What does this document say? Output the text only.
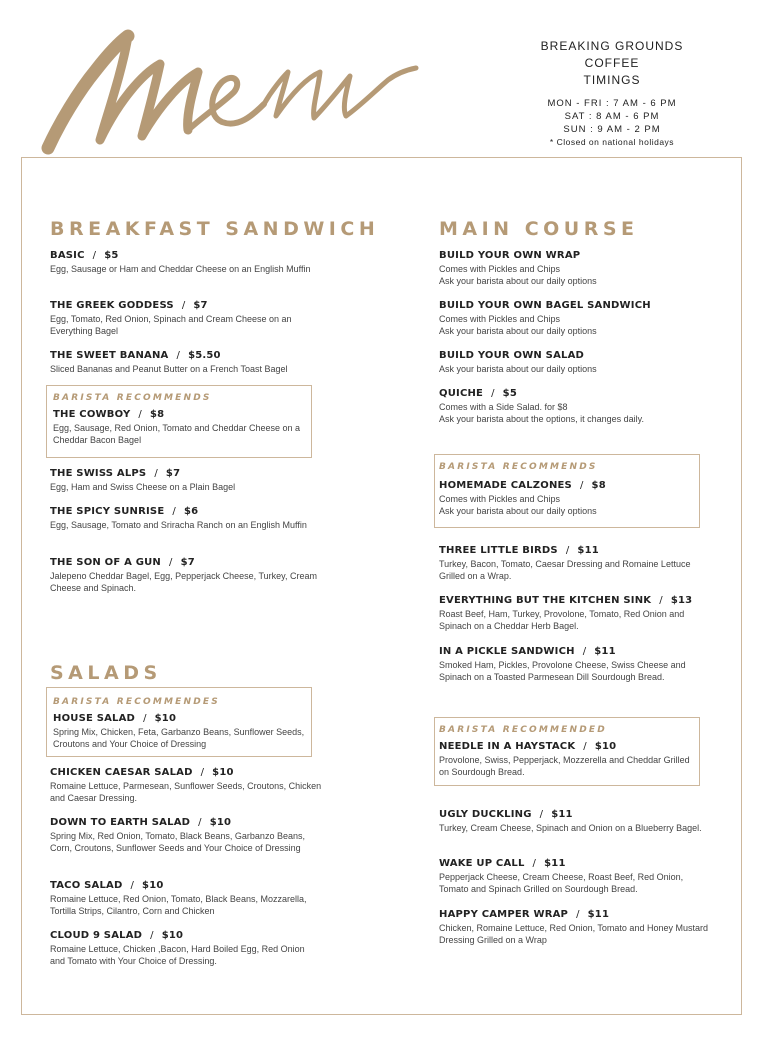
BREAKING GROUNDS COFFEE
TIMINGS
MON - FRI : 7 AM - 6 PM
SAT : 8 AM - 6 PM
SUN : 9 AM - 2 PM
* Closed on national holidays
BREAKFAST SANDWICH
BASIC / $5
Egg, Sausage or Ham and Cheddar Cheese on an English Muffin
THE GREEK GODDESS / $7
Egg, Tomato, Red Onion, Spinach and Cream Cheese on an Everything Bagel
THE SWEET BANANA / $5.50
Sliced Bananas and Peanut Butter on a French Toast Bagel
BARISTA RECOMMENDS
THE COWBOY / $8
Egg, Sausage, Red Onion, Tomato and Cheddar Cheese on a Cheddar Bacon Bagel
THE SWISS ALPS / $7
Egg, Ham and Swiss Cheese on a Plain Bagel
THE SPICY SUNRISE / $6
Egg, Sausage, Tomato and Sriracha Ranch on an English Muffin
THE SON OF A GUN / $7
Jalepeno Cheddar Bagel, Egg, Pepperjack Cheese, Turkey, Cream Cheese and Spinach.
SALADS
BARISTA RECOMMENDES
HOUSE SALAD / $10
Spring Mix, Chicken, Feta, Garbanzo Beans, Sunflower Seeds, Croutons and Your Choice of Dressing
CHICKEN CAESAR SALAD / $10
Romaine Lettuce, Parmesean, Sunflower Seeds, Croutons, Chicken and Caesar Dressing.
DOWN TO EARTH SALAD / $10
Spring Mix, Red Onion, Tomato, Black Beans, Garbanzo Beans, Corn, Croutons, Sunflower Seeds and Your Choice of Dressing
TACO SALAD / $10
Romaine Lettuce, Red Onion, Tomato, Black Beans, Mozzarella, Tortilla Strips, Cilantro, Corn and Chicken
CLOUD 9 SALAD / $10
Romaine Lettuce, Chicken ,Bacon, Hard Boiled Egg, Red Onion and Tomato with Your Choice of Dressing.
MAIN COURSE
BUILD YOUR OWN WRAP
Comes with Pickles and Chips
Ask your barista about our daily options
BUILD YOUR OWN BAGEL SANDWICH
Comes with Pickles and Chips
Ask your barista about our daily options
BUILD YOUR OWN SALAD
Ask your barista about our daily options
QUICHE / $5
Comes with a Side Salad. for $8
Ask your barista about the options, it changes daily.
BARISTA RECOMMENDS
HOMEMADE CALZONES / $8
Comes with Pickles and Chips
Ask your barista about our daily options
THREE LITTLE BIRDS / $11
Turkey, Bacon, Tomato, Caesar Dressing and Romaine Lettuce Grilled on a Wrap.
EVERYTHING BUT THE KITCHEN SINK / $13
Roast Beef, Ham, Turkey, Provolone, Tomato, Red Onion and Spinach on a Cheddar Herb Bagel.
IN A PICKLE SANDWICH / $11
Smoked Ham, Pickles, Provolone Cheese, Swiss Cheese and Spinach on a Toasted Parmesean Dill Sourdough Bread.
BARISTA RECOMMENDED
NEEDLE IN A HAYSTACK / $10
Provolone, Swiss, Pepperjack, Mozzerella and Cheddar Grilled on Sourdough Bread.
UGLY DUCKLING / $11
Turkey, Cream Cheese, Spinach and Onion on a Blueberry Bagel.
WAKE UP CALL / $11
Pepperjack Cheese, Cream Cheese, Roast Beef, Red Onion, Tomato and Spinach Grilled on Sourdough Bread.
HAPPY CAMPER WRAP / $11
Chicken, Romaine Lettuce, Red Onion, Tomato and Honey Mustard Dressing Grilled on a Wrap
